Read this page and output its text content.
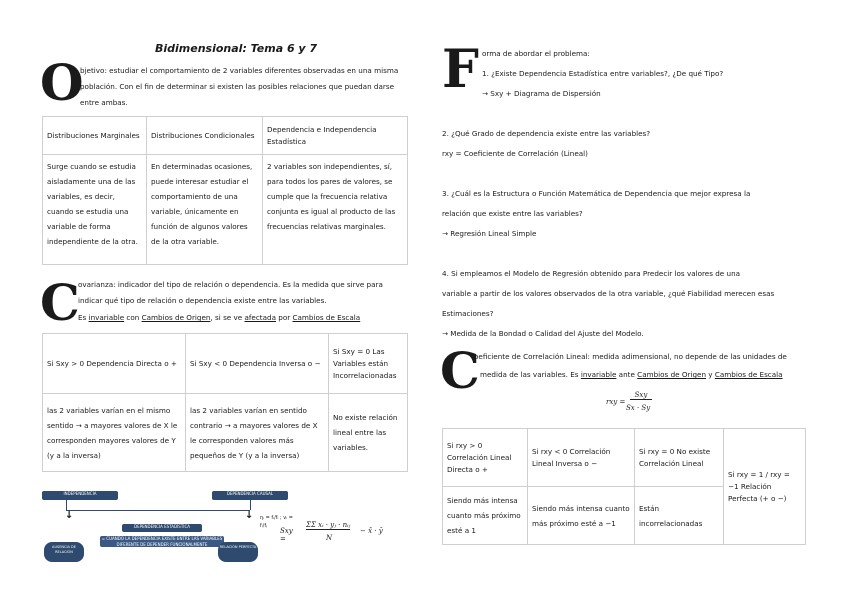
Bidimensional: Tema 6 y 7
O
bjetivo: estudiar el comportamiento de 2 variables diferentes observadas en una misma
población. Con el fin de determinar si existen las posibles relaciones que puedan darse
entre ambas.
Distribuciones Marginales	Distribuciones Condicionales	Dependencia e Independencia Estadística
Surge cuando se estudia aisladamente una de las variables, es decir, cuando se estudia una variable de forma independiente de la otra.	En determinadas ocasiones, puede interesar estudiar el comportamiento de una variable, únicamente en función de algunos valores de la otra variable.	2 variables son independientes, sí, para todos los pares de valores, se cumple que la frecuencia relativa conjunta es igual al producto de las frecuencias relativas marginales.
C
ovarianza: indicador del tipo de relación o dependencia. Es la medida que sirve para
indicar qué tipo de relación o dependencia existe entre las variables.
Es invariable con Cambios de Origen, si se ve afectada por Cambios de Escala
Si Sxy > 0 Dependencia Directa o +	Si Sxy < 0 Dependencia Inversa o −	Si Sxy = 0 Las Variables están Incorrelacionadas
las 2 variables varían en el mismo sentido → a mayores valores de X le corresponden mayores valores de Y (y a la inversa)	las 2 variables varían en sentido contrario → a mayores valores de X le corresponden valores más pequeños de Y (y a la inversa)	No existe relación lineal entre las variables.
INDEPENDENCIA	DEPENDENCIA CAUSAL
DEPENDENCIA ESTADÍSTICA
= CUANDO LA DEPENDENCIA EXISTE ENTRE LAS VARIABLES DIFERENTE DE DEPENDER FUNCIONALMENTE
↓	↓
AUSENCIA DE RELACIÓN
RELACIÓN PERFECTA
ηᵢ = fᵢ/fᵢ ; vᵢ = fᵢ/fⱼ
Sxy =
ΣΣ xᵢ · yⱼ · nᵢⱼ
N
− x̄ · ȳ
F orma de abordar el problema:
1. ¿Existe Dependencia Estadística entre variables?, ¿De qué Tipo?
→ Sxy + Diagrama de Dispersión
2. ¿Qué Grado de dependencia existe entre las variables?
rxy = Coeficiente de Correlación (Lineal)
3. ¿Cuál es la Estructura o Función Matemática de Dependencia que mejor expresa la
relación que existe entre las variables?
→ Regresión Lineal Simple
4. Si empleamos el Modelo de Regresión obtenido para Predecir los valores de una
variable a partir de los valores observados de la otra variable, ¿qué Fiabilidad merecen esas
Estimaciones?
→ Medida de la Bondad o Calidad del Ajuste del Modelo.
C
oeficiente de Correlación Lineal: medida adimensional, no depende de las unidades de
medida de las variables. Es invariable ante Cambios de Origen y Cambios de Escala
rxy =
Sxy
Sx · Sy
Si rxy > 0 Correlación Lineal Directa o +	Si rxy < 0 Correlación Lineal Inversa o −	Si rxy = 0 No existe Correlación Lineal	Si rxy = 1 / rxy = −1 Relación Perfecta (+ o −)
Siendo más intensa cuanto más próximo esté a 1	Siendo más intensa cuanto más próximo esté a −1	Están incorrelacionadas	
